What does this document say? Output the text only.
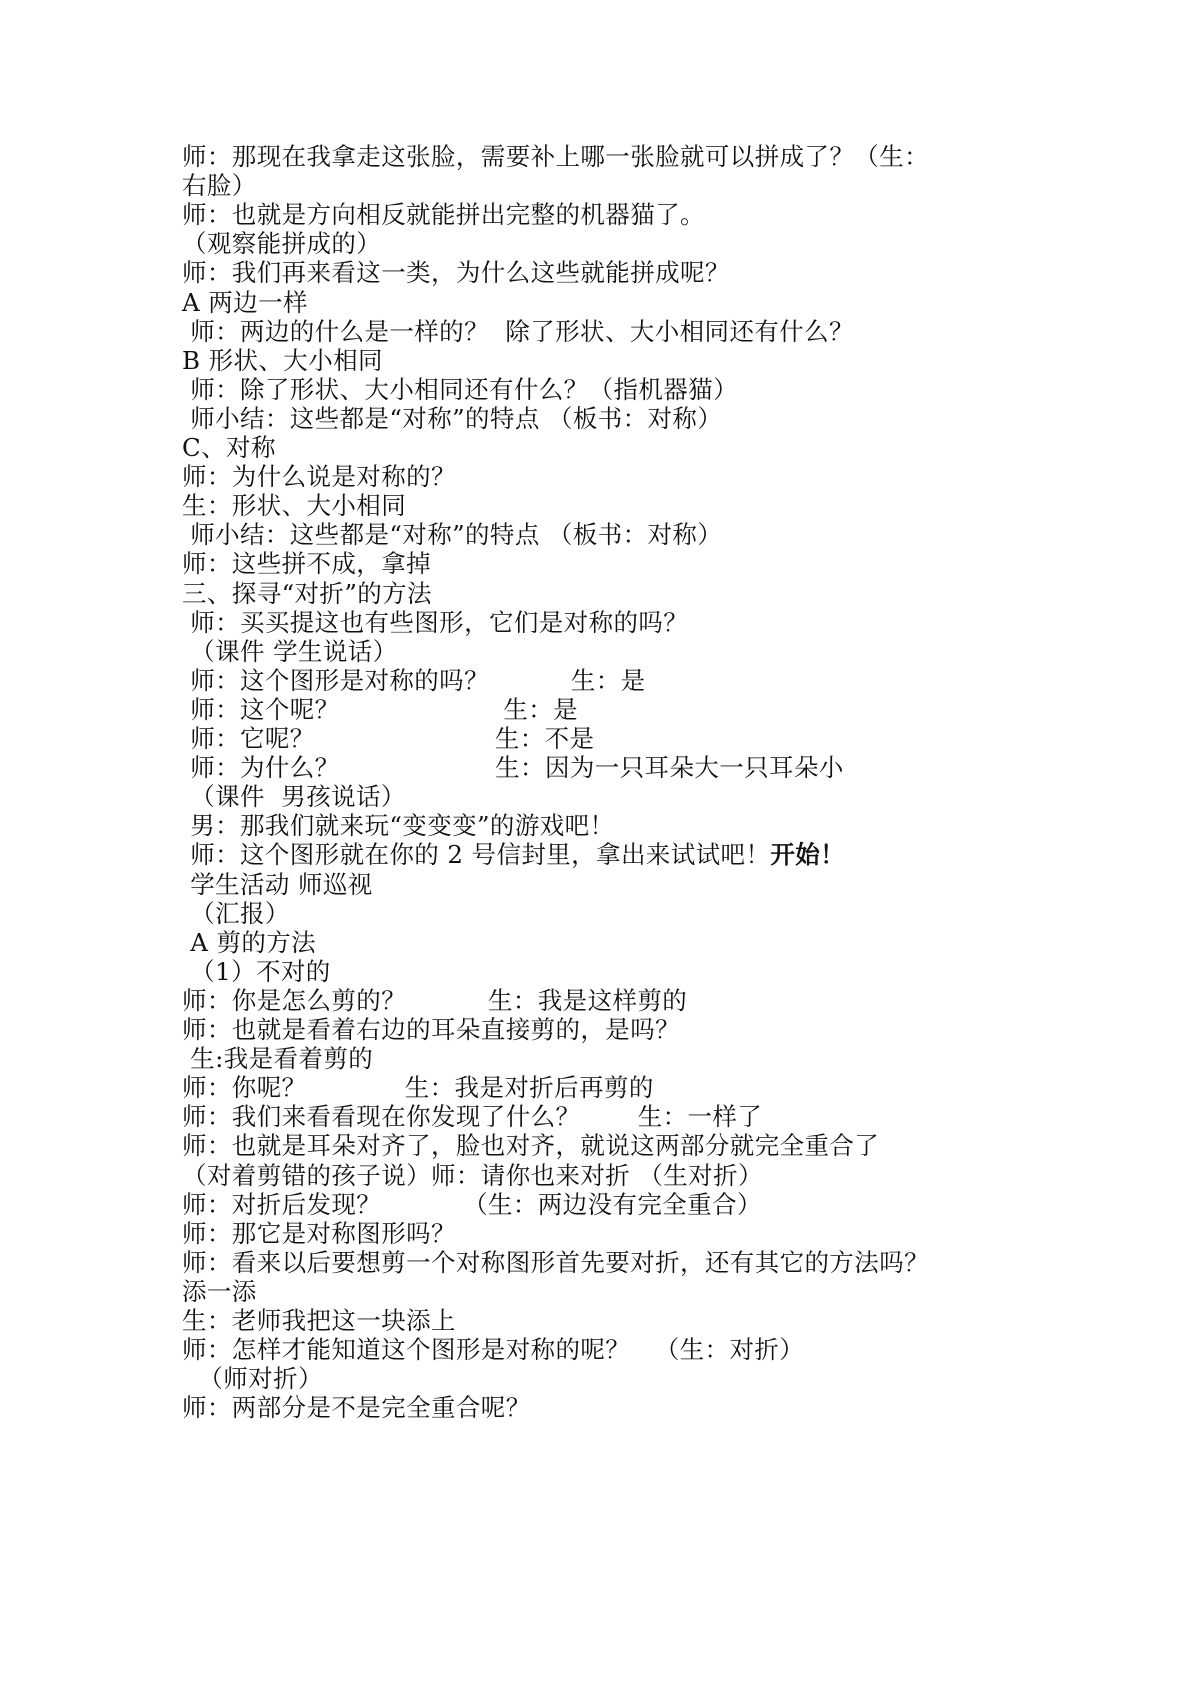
师：那现在我拿走这张脸，需要补上哪一张脸就可以拼成了？（生：
右脸）
师：也就是方向相反就能拼出完整的机器猫了。
（观察能拼成的）
师：我们再来看这一类，为什么这些就能拼成呢？
A 两边一样
师：两边的什么是一样的？  除了形状、大小相同还有什么？
B 形状、大小相同
师：除了形状、大小相同还有什么？（指机器猫）
师小结：这些都是“对称”的特点 （板书：对称）
C、对称
师：为什么说是对称的？
生：形状、大小相同
师小结：这些都是“对称”的特点 （板书：对称）
师：这些拼不成，拿掉
三、探寻“对折”的方法
师：买买提这也有些图形，它们是对称的吗？
（课件 学生说话）
师：这个图形是对称的吗？          生：是
师：这个呢？                    生：是
师：它呢？                      生：不是
师：为什么？                   生：因为一只耳朵大一只耳朵小
（课件  男孩说话）
男：那我们就来玩“变变变”的游戏吧！
师：这个图形就在你的 2 号信封里，拿出来试试吧！开始！
学生活动 师巡视
（汇报）
A 剪的方法
（1）不对的
师：你是怎么剪的？          生：我是这样剪的
师：也就是看着右边的耳朵直接剪的，是吗？
生:我是看着剪的
师：你呢？            生：我是对折后再剪的
师：我们来看看现在你发现了什么？       生：一样了
师：也就是耳朵对齐了，脸也对齐，就说这两部分就完全重合了
（对着剪错的孩子说）师：请你也来对折 （生对折）
师：对折后发现？          （生：两边没有完全重合）
师：那它是对称图形吗？
师：看来以后要想剪一个对称图形首先要对折，还有其它的方法吗？
添一添
生：老师我把这一块添上
师：怎样才能知道这个图形是对称的呢？   （生：对折）
（师对折）
师：两部分是不是完全重合呢？
